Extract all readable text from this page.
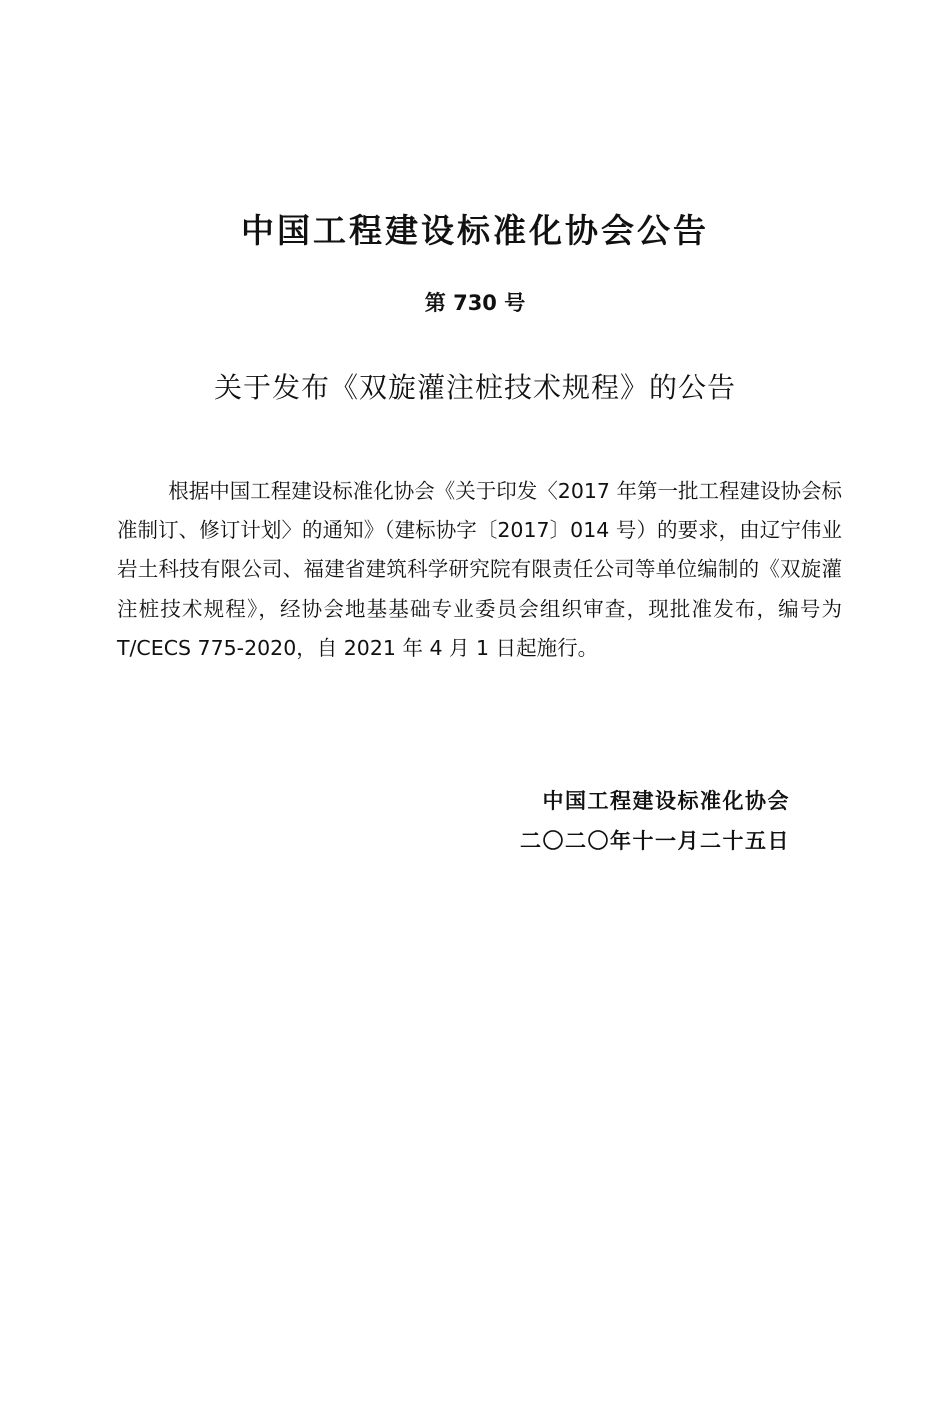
中国工程建设标准化协会公告
第 730 号
关于发布《双旋灌注桩技术规程》的公告

根据中国工程建设标准化协会《关于印发〈2017 年第一批工程建设协会标准制订、修订计划〉的通知》（建标协字〔2017〕014 号）的要求，由辽宁伟业岩土科技有限公司、福建省建筑科学研究院有限责任公司等单位编制的《双旋灌注桩技术规程》，经协会地基基础专业委员会组织审查，现批准发布，编号为 T/CECS 775-2020，自 2021 年 4 月 1 日起施行。

中国工程建设标准化协会
二〇二〇年十一月二十五日
